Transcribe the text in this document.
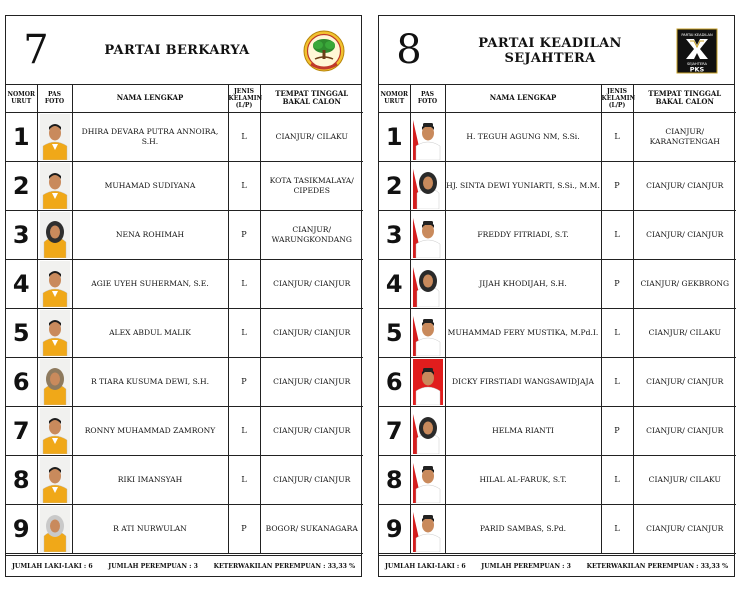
7	PARTAI BERKARYA
NOMOR URUT	PAS FOTO	NAMA LENGKAP	JENIS KELAMIN (L/P)	TEMPAT TINGGAL BAKAL CALON
1		DHIRA DEVARA PUTRA ANNOIRA, S.H.	L	CIANJUR/ CILAKU
2		MUHAMAD SUDIYANA	L	KOTA TASIKMALAYA/ CIPEDES
3		NENA ROHIMAH	P	CIANJUR/ WARUNGKONDANG
4		AGIE UYEH SUHERMAN, S.E.	L	CIANJUR/ CIANJUR
5		ALEX ABDUL MALIK	L	CIANJUR/ CIANJUR
6		R TIARA KUSUMA DEWI, S.H.	P	CIANJUR/ CIANJUR
7		RONNY MUHAMMAD ZAMRONY	L	CIANJUR/ CIANJUR
8		RIKI IMANSYAH	L	CIANJUR/ CIANJUR
9		R ATI NURWULAN	P	BOGOR/ SUKANAGARA
JUMLAH LAKI-LAKI : 6	JUMLAH PEREMPUAN : 3	KETERWAKILAN PEREMPUAN : 33,33 %
8	PARTAI KEADILAN SEJAHTERA
PARTAI KEADILAN
SEJAHTERA
PKS
NOMOR URUT	PAS FOTO	NAMA LENGKAP	JENIS KELAMIN (L/P)	TEMPAT TINGGAL BAKAL CALON
1		H. TEGUH AGUNG NM, S.Si.	L	CIANJUR/ KARANGTENGAH
2		HJ. SINTA DEWI YUNIARTI, S.Si., M.M.	P	CIANJUR/ CIANJUR
3		FREDDY FITRIADI, S.T.	L	CIANJUR/ CIANJUR
4		JIJAH KHODIJAH, S.H.	P	CIANJUR/ GEKBRONG
5		MUHAMMAD FERY MUSTIKA, M.Pd.I.	L	CIANJUR/ CILAKU
6		DICKY FIRSTIADI WANGSAWIDJAJA	L	CIANJUR/ CIANJUR
7		HELMA RIANTI	P	CIANJUR/ CIANJUR
8		HILAL AL-FARUK, S.T.	L	CIANJUR/ CILAKU
9		PARID SAMBAS, S.Pd.	L	CIANJUR/ CIANJUR
JUMLAH LAKI-LAKI : 6	JUMLAH PEREMPUAN : 3	KETERWAKILAN PEREMPUAN : 33,33 %
